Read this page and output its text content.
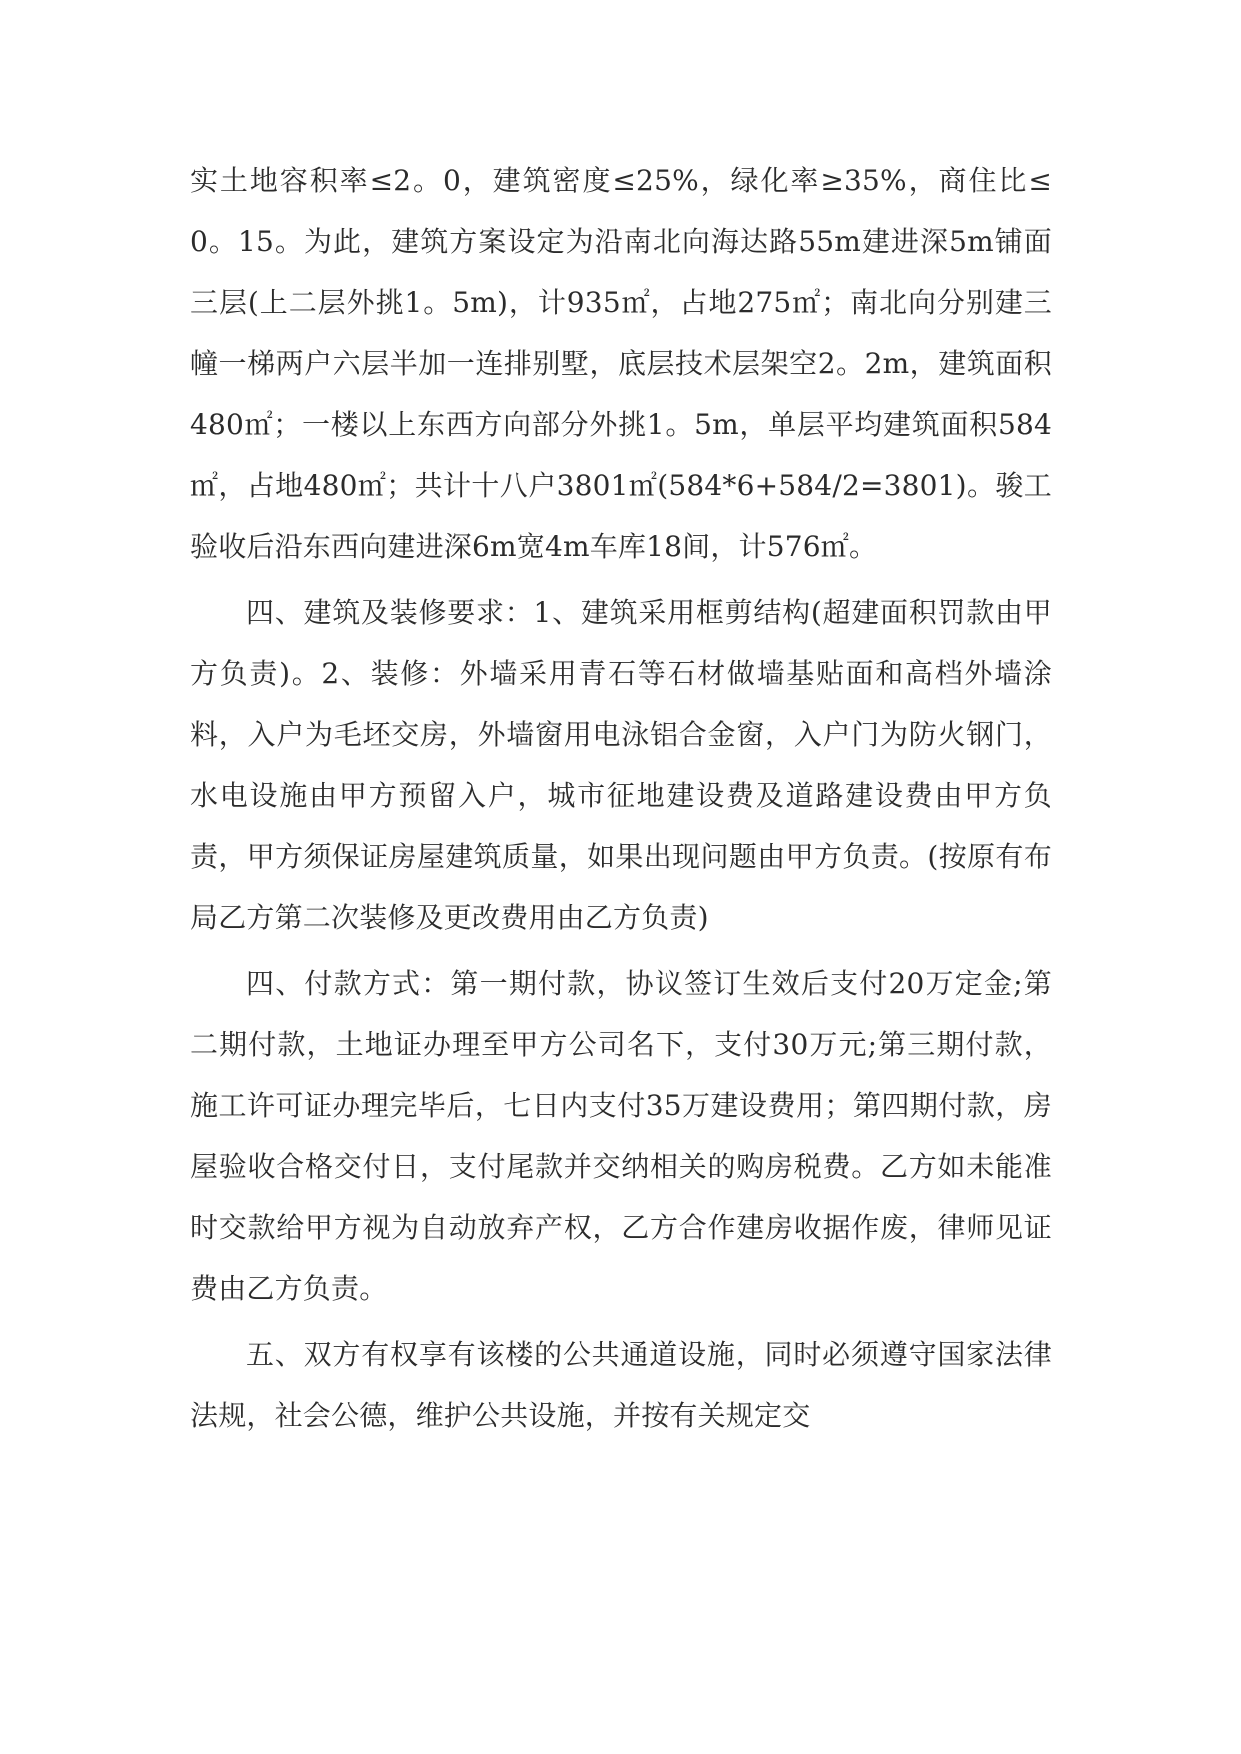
实土地容积率≤2。0，建筑密度≤25%，绿化率≥35%，商住比≤0。15。为此，建筑方案设定为沿南北向海达路55m建进深5m铺面三层(上二层外挑1。5m)，计935㎡，占地275㎡；南北向分别建三幢一梯两户六层半加一连排别墅，底层技术层架空2。2m，建筑面积480㎡；一楼以上东西方向部分外挑1。5m，单层平均建筑面积584㎡，占地480㎡；共计十八户3801㎡(584*6+584/2=3801)。骏工验收后沿东西向建进深6m宽4m车库18间，计576㎡。

四、建筑及装修要求：1、建筑采用框剪结构(超建面积罚款由甲方负责)。2、装修：外墙采用青石等石材做墙基贴面和高档外墙涂料，入户为毛坯交房，外墙窗用电泳铝合金窗，入户门为防火钢门，水电设施由甲方预留入户，城市征地建设费及道路建设费由甲方负责，甲方须保证房屋建筑质量，如果出现问题由甲方负责。(按原有布局乙方第二次装修及更改费用由乙方负责)

四、付款方式：第一期付款，协议签订生效后支付20万定金;第二期付款，土地证办理至甲方公司名下，支付30万元;第三期付款，施工许可证办理完毕后，七日内支付35万建设费用；第四期付款，房屋验收合格交付日，支付尾款并交纳相关的购房税费。乙方如未能准时交款给甲方视为自动放弃产权，乙方合作建房收据作废，律师见证费由乙方负责。

五、双方有权享有该楼的公共通道设施，同时必须遵守国家法律法规，社会公德，维护公共设施，并按有关规定交
